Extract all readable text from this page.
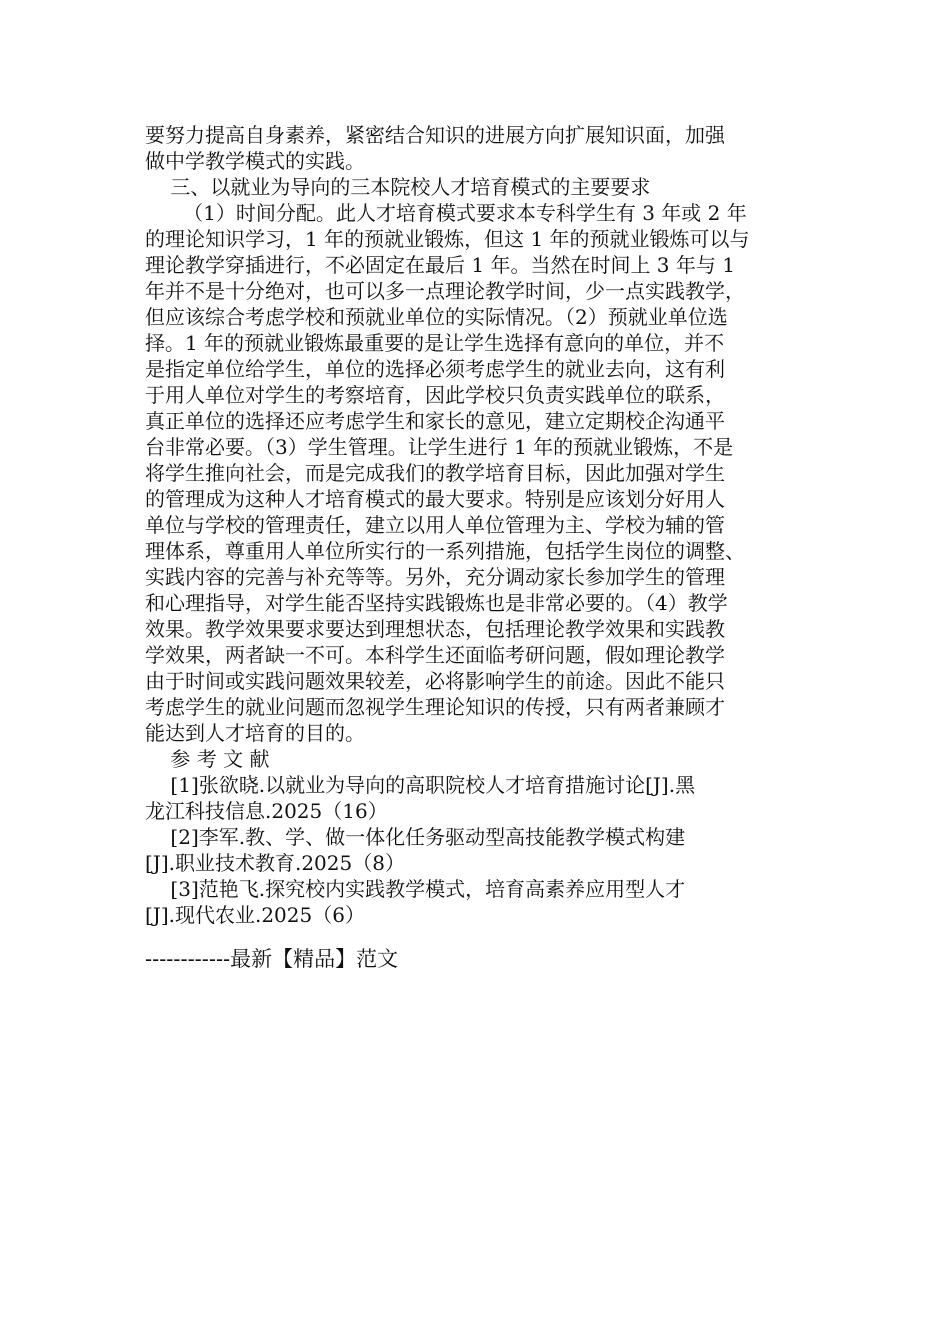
要努力提高自身素养，紧密结合知识的进展方向扩展知识面，加强
做中学教学模式的实践。
三、以就业为导向的三本院校人才培育模式的主要要求
（1）时间分配。此人才培育模式要求本专科学生有 3 年或 2 年
的理论知识学习，1 年的预就业锻炼，但这 1 年的预就业锻炼可以与
理论教学穿插进行，不必固定在最后 1 年。当然在时间上 3 年与 1
年并不是十分绝对，也可以多一点理论教学时间，少一点实践教学，
但应该综合考虑学校和预就业单位的实际情况。（2）预就业单位选
择。1 年的预就业锻炼最重要的是让学生选择有意向的单位，并不
是指定单位给学生，单位的选择必须考虑学生的就业去向，这有利
于用人单位对学生的考察培育，因此学校只负责实践单位的联系，
真正单位的选择还应考虑学生和家长的意见，建立定期校企沟通平
台非常必要。（3）学生管理。让学生进行 1 年的预就业锻炼，不是
将学生推向社会，而是完成我们的教学培育目标，因此加强对学生
的管理成为这种人才培育模式的最大要求。特别是应该划分好用人
单位与学校的管理责任，建立以用人单位管理为主、学校为辅的管
理体系，尊重用人单位所实行的一系列措施，包括学生岗位的调整、
实践内容的完善与补充等等。另外，充分调动家长参加学生的管理
和心理指导，对学生能否坚持实践锻炼也是非常必要的。（4）教学
效果。教学效果要求要达到理想状态，包括理论教学效果和实践教
学效果，两者缺一不可。本科学生还面临考研问题，假如理论教学
由于时间或实践问题效果较差，必将影响学生的前途。因此不能只
考虑学生的就业问题而忽视学生理论知识的传授，只有两者兼顾才
能达到人才培育的目的。
参 考 文 献
[1]张欲晓.以就业为导向的高职院校人才培育措施讨论[J].黑
龙江科技信息.2025（16）
[2]李军.教、学、做一体化任务驱动型高技能教学模式构建
[J].职业技术教育.2025（8）
[3]范艳飞.探究校内实践教学模式，培育高素养应用型人才
[J].现代农业.2025（6）
------------最新【精品】范文
